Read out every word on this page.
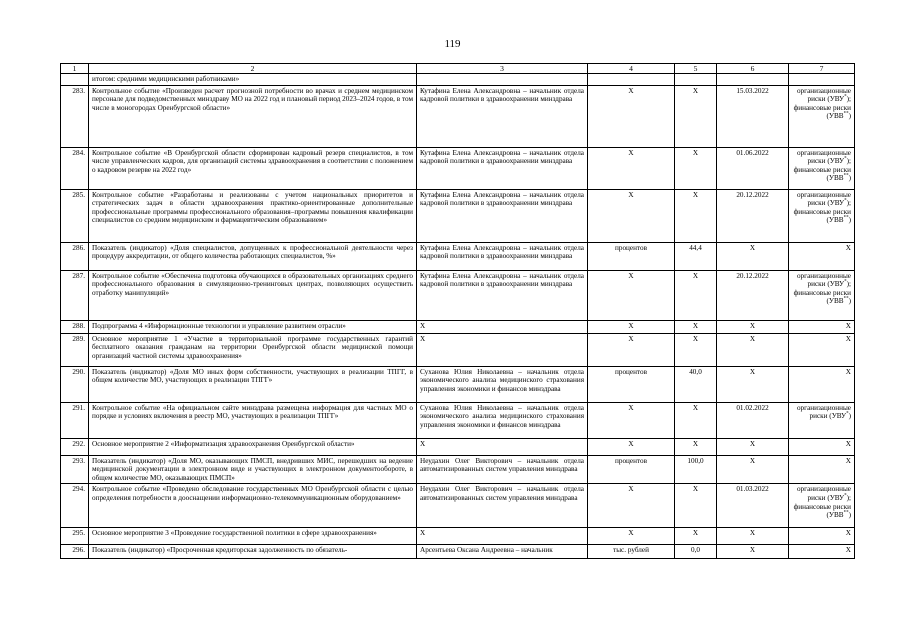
119
1	2	3	4	5	6	7
	итогом: средними медицинскими работниками»					
283.	Контрольное событие «Произведен расчет прогнозной потребности во врачах и среднем медицинском персонале для подведомственных минздраву МО на 2022 год и плановый период 2023–2024 годов, в том числе в моногородах Оренбургской области»	Кутафина Елена Александровна – начальник отдела кадровой политики в здравоохранении минздрава	X	X	15.03.2022	организационные риски (УВУ*); финансовые риски (УВВ**)
284.	Контрольное событие «В Оренбургской области сформирован кадровый резерв специалистов, в том числе управленческих кадров, для организаций системы здравоохранения в соответствии с положением о кадровом резерве на 2022 год»	Кутафина Елена Александровна – начальник отдела кадровой политики в здравоохранении минздрава	X	X	01.06.2022	организационные риски (УВУ*); финансовые риски (УВВ**)
285.	Контрольное событие «Разработаны и реализованы с учетом национальных приоритетов и стратегических задач в области здравоохранения практико-ориентированные дополнительные профессиональные программы профессионального образования–программы повышения квалификации специалистов со средним медицинским и фармацевтическим образованием»	Кутафина Елена Александровна – начальник отдела кадровой политики в здравоохранении минздрава	X	X	20.12.2022	организационные риски (УВУ*); финансовые риски (УВВ**)
286.	Показатель (индикатор) «Доля специалистов, допущенных к профессиональной деятельности через процедуру аккредитации, от общего количества работающих специалистов, %»	Кутафина Елена Александровна – начальник отдела кадровой политики в здравоохранении минздрава	процентов	44,4	X	X
287.	Контрольное событие «Обеспечена подготовка обучающихся в образовательных организациях среднего профессионального образования в симуляционно-тренинговых центрах, позволяющих осуществить отработку манипуляций»	Кутафина Елена Александровна – начальник отдела кадровой политики в здравоохранении минздрава	X	X	20.12.2022	организационные риски (УВУ*); финансовые риски (УВВ**)
288.	Подпрограмма 4 «Информационные технологии и управление развитием отрасли»	X	X	X	X	X
289.	Основное мероприятие 1 «Участие в территориальной программе государственных гарантий бесплатного оказания гражданам на территории Оренбургской области медицинской помощи организаций частной системы здравоохранения»	X	X	X	X	X
290.	Показатель (индикатор) «Доля МО иных форм собственности, участвующих в реализации ТПГГ, в общем количестве МО, участвующих в реализации ТПГГ»	Суханова Юлия Николаевна – начальник отдела экономического анализа медицинского страхования управления экономики и финансов минздрава	процентов	40,0	X	X
291.	Контрольное событие «На официальном сайте минздрава размещена информация для частных МО о порядке и условиях включения в реестр МО, участвующих в реализации ТПГГ»	Суханова Юлия Николаевна – начальник отдела экономического анализа медицинского страхования управления экономики и финансов минздрава	X	X	01.02.2022	организационные риски (УВУ*)
292.	Основное мероприятие 2 «Информатизация здравоохранения Оренбургской области»	X	X	X	X	X
293.	Показатель (индикатор) «Доля МО, оказывающих ПМСП, внедривших МИС, перешедших на ведение медицинской документации в электронном виде и участвующих в электронном документообороте, в общем количестве МО, оказывающих ПМСП»	Неудахин Олег Викторович – начальник отдела автоматизированных систем управления минздрава	процентов	100,0	X	X
294.	Контрольное событие «Проведено обследование государственных МО Оренбургской области с целью определения потребности в дооснащении информационно-телекоммуникационным оборудованием»	Неудахин Олег Викторович – начальник отдела автоматизированных систем управления минздрава	X	X	01.03.2022	организационные риски (УВУ*); финансовые риски (УВВ**)
295.	Основное мероприятие 3 «Проведение государственной политики в сфере здравоохранения»	X	X	X	X	X
296.	Показатель (индикатор) «Просроченная кредиторская задолженность по обязатель-	Арсентьева Оксана Андреевна – начальник	тыс. рублей	0,0	X	X
